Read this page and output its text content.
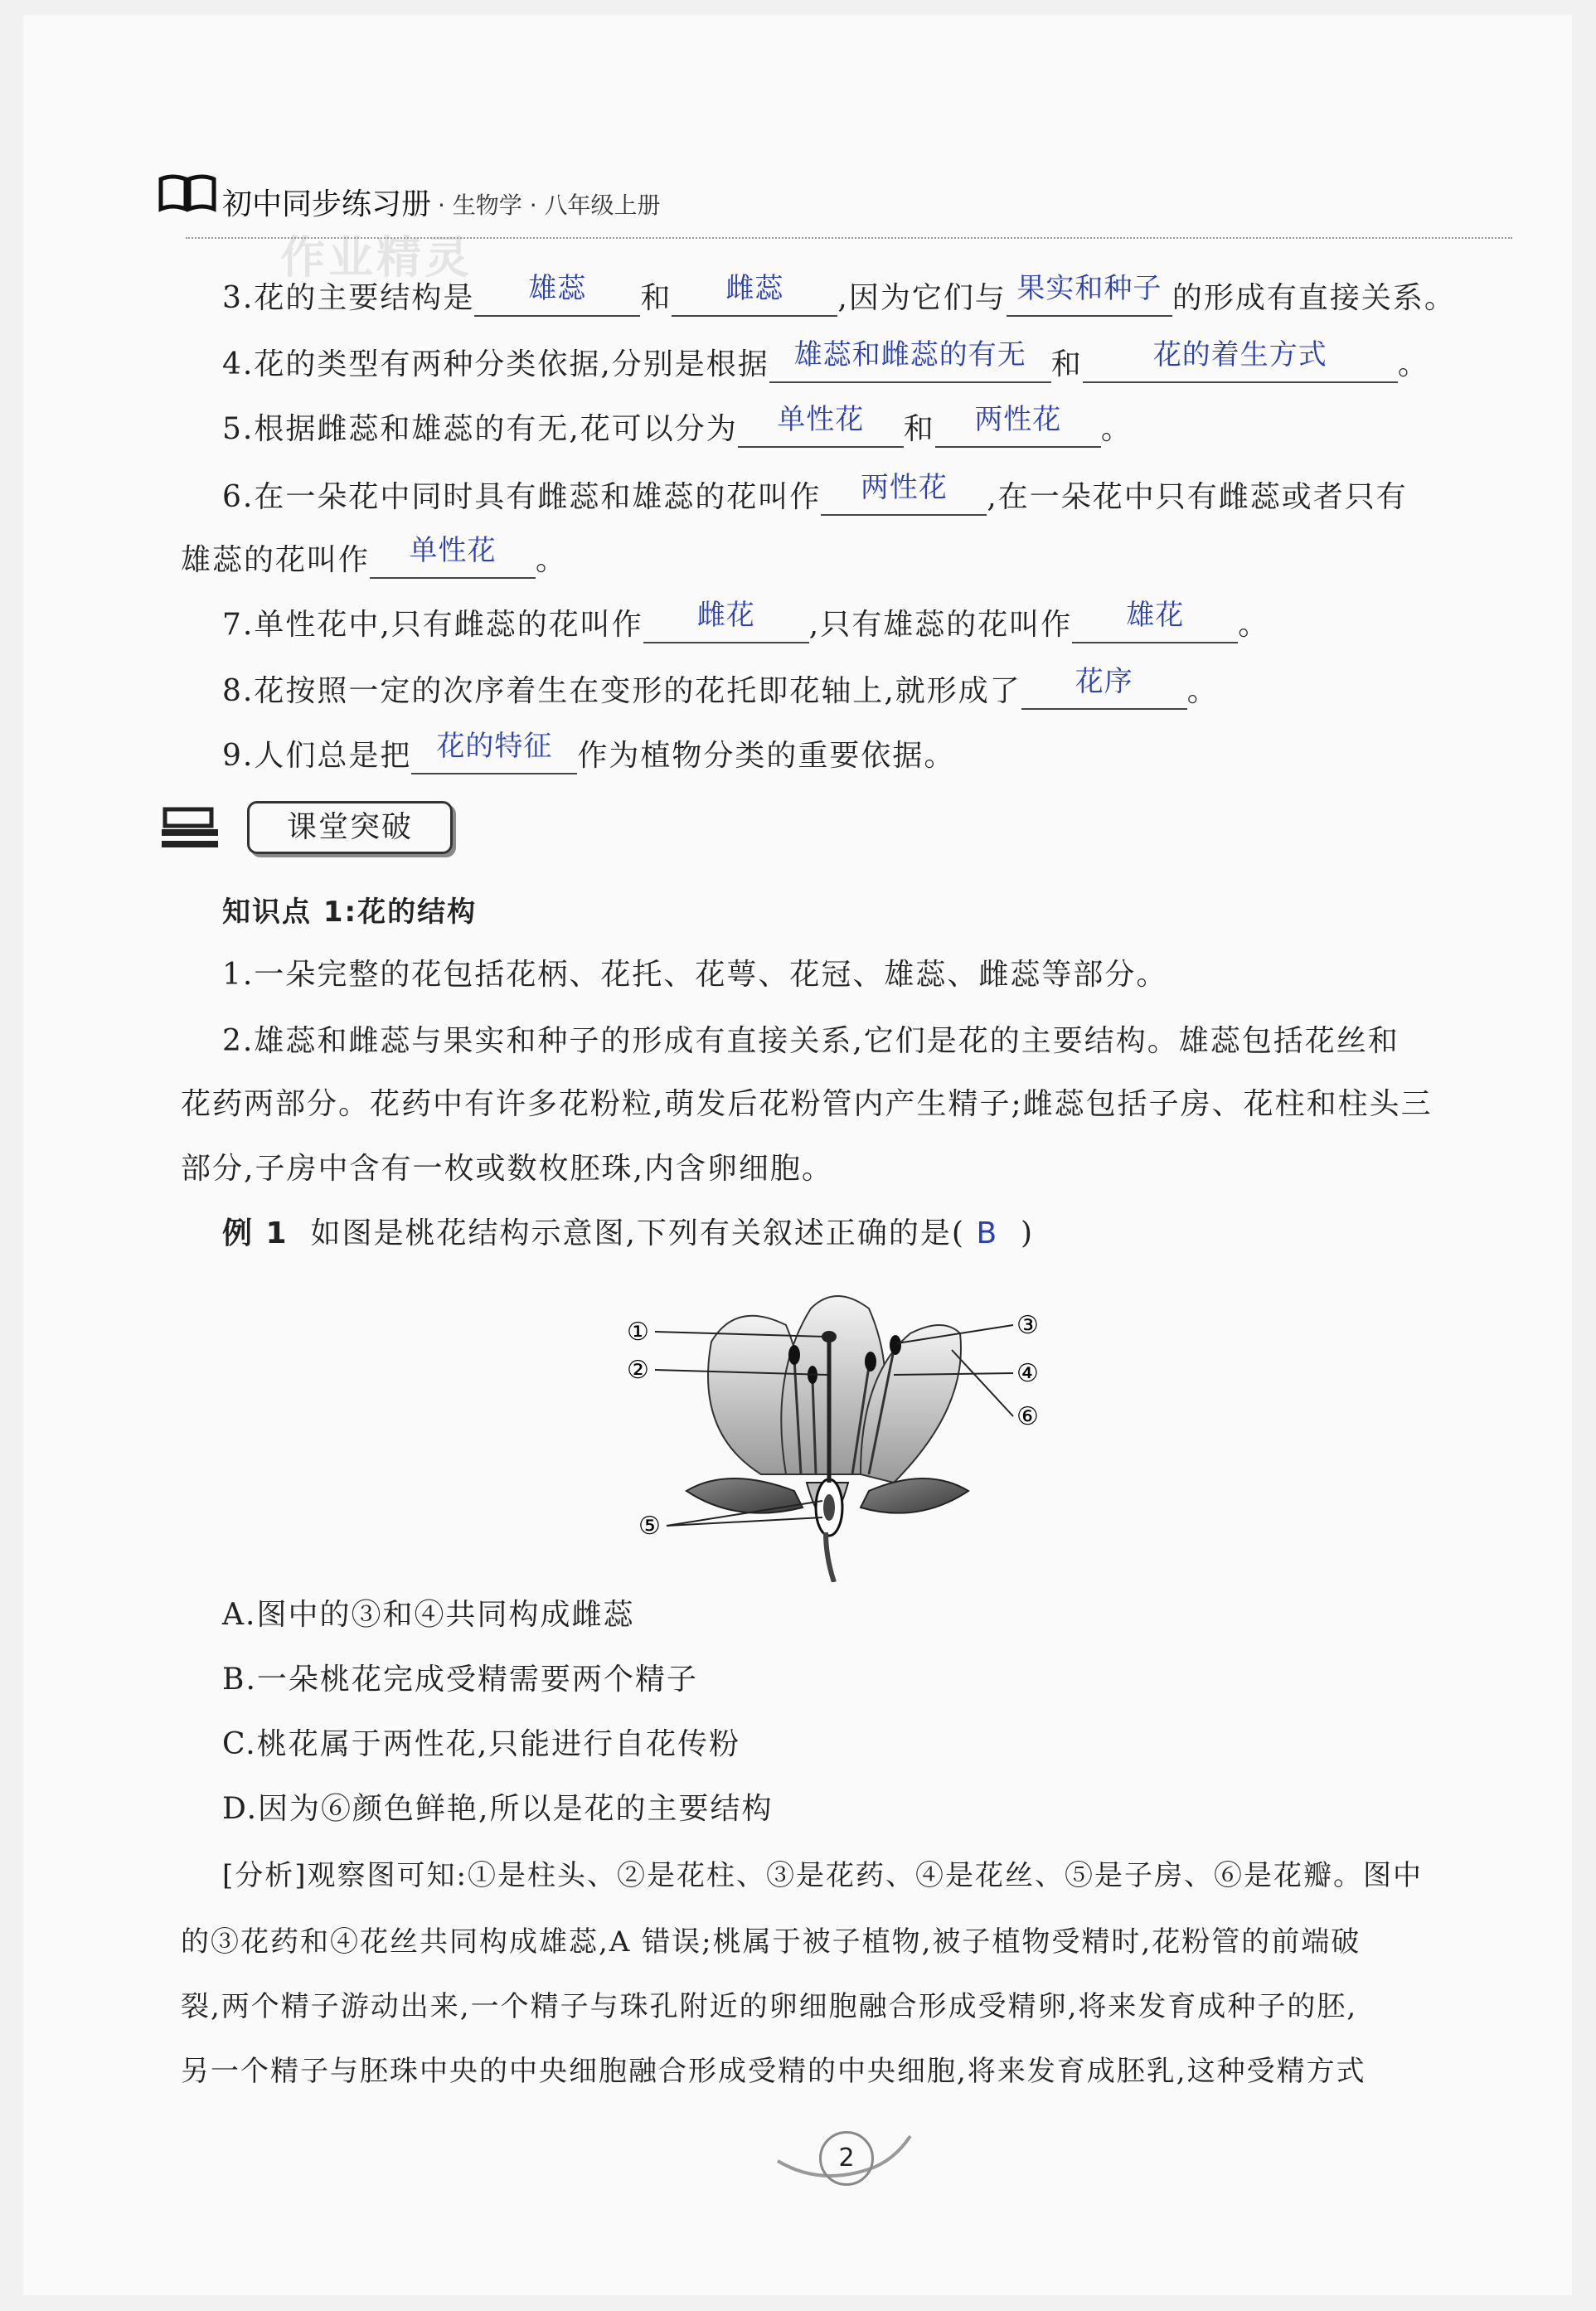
初中同步练习册 · 生物学 · 八年级上册
作业精灵
3.花的主要结构是	雄蕊	和	雌蕊	,因为它们与 果实和种子 的形成有直接关系。
4.花的类型有两种分类依据,分别是根据 雄蕊和雌蕊的有无 和	花的着生方式	。
5.根据雌蕊和雄蕊的有无,花可以分为	单性花	和	两性花	。
6.在一朵花中同时具有雌蕊和雄蕊的花叫作	两性花	,在一朵花中只有雌蕊或者只有
雄蕊的花叫作	单性花	。
7.单性花中,只有雌蕊的花叫作	雌花	,只有雄蕊的花叫作	雄花	。
8.花按照一定的次序着生在变形的花托即花轴上,就形成了	花序	。
9.人们总是把 花的特征 作为植物分类的重要依据。
课堂突破
知识点 1:花的结构
1.一朵完整的花包括花柄、花托、花萼、花冠、雄蕊、雌蕊等部分。
2.雄蕊和雌蕊与果实和种子的形成有直接关系,它们是花的主要结构。雄蕊包括花丝和
花药两部分。花药中有许多花粉粒,萌发后花粉管内产生精子;雌蕊包括子房、花柱和柱头三
部分,子房中含有一枚或数枚胚珠,内含卵细胞。
例 1 如图是桃花结构示意图,下列有关叙述正确的是( B )
①
②
③
④
⑤
⑥
A.图中的③和④共同构成雌蕊
B.一朵桃花完成受精需要两个精子
C.桃花属于两性花,只能进行自花传粉
D.因为⑥颜色鲜艳,所以是花的主要结构
[分析]观察图可知:①是柱头、②是花柱、③是花药、④是花丝、⑤是子房、⑥是花瓣。图中
的③花药和④花丝共同构成雄蕊,A 错误;桃属于被子植物,被子植物受精时,花粉管的前端破
裂,两个精子游动出来,一个精子与珠孔附近的卵细胞融合形成受精卵,将来发育成种子的胚,
另一个精子与胚珠中央的中央细胞融合形成受精的中央细胞,将来发育成胚乳,这种受精方式
2
